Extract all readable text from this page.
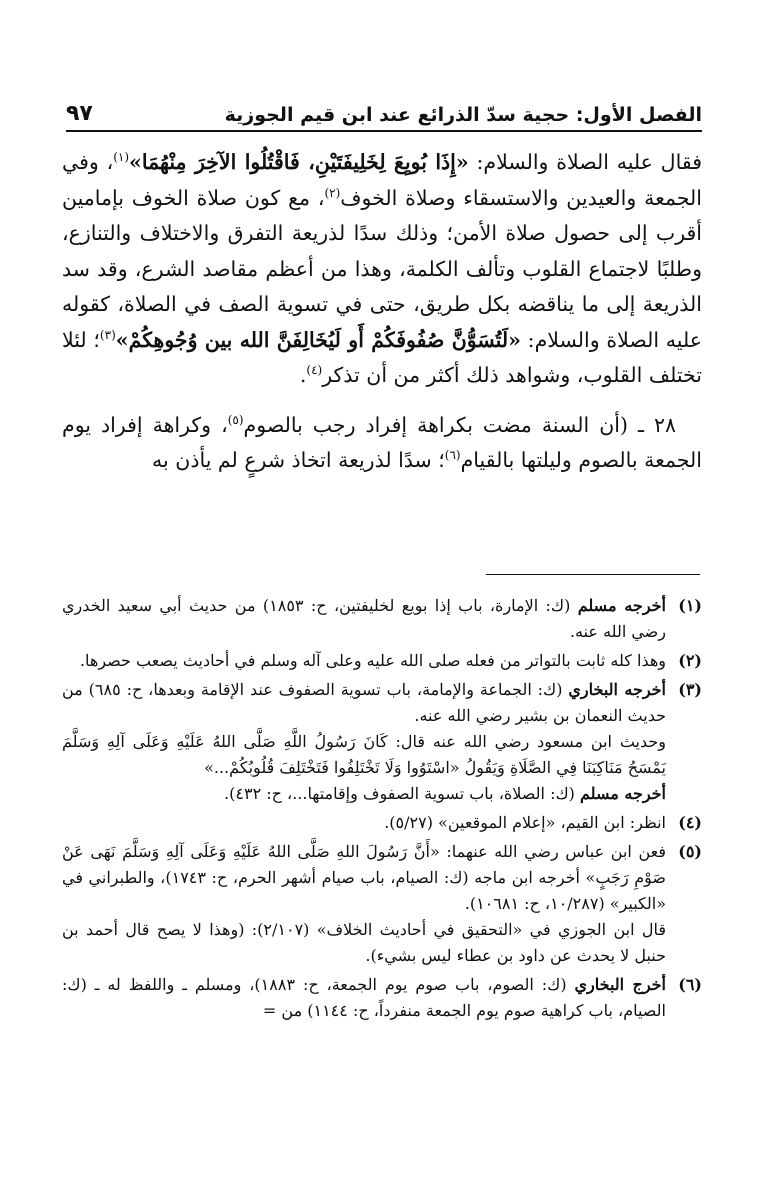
الفصل الأول: حجية سدّ الذرائع عند ابن قيم الجوزية
٩٧

فقال عليه الصلاة والسلام: «إِذَا بُويِعَ لِخَلِيفَتَيْنِ، فَاقْتُلُوا الآخِرَ مِنْهُمَا»$^{(١)}$، وفي الجمعة والعيدين والاستسقاء وصلاة الخوف$^{(٢)}$، مع كون صلاة الخوف بإمامين أقرب إلى حصول صلاة الأمن؛ وذلك سدًا لذريعة التفرق والاختلاف والتنازع، وطلبًا لاجتماع القلوب وتألف الكلمة، وهذا من أعظم مقاصد الشرع، وقد سد الذريعة إلى ما يناقضه بكل طريق، حتى في تسوية الصف في الصلاة، كقوله عليه الصلاة والسلام: «لَتُسَوُّنَّ صُفُوفَكُمْ أَو لَيُخَالِفَنَّ الله بين وُجُوهِكُمْ»$^{(٣)}$؛ لئلا تختلف القلوب، وشواهد ذلك أكثر من أن تذكر$^{(٤)}$.

٢٨ ـ (أن السنة مضت بكراهة إفراد رجب بالصوم$^{(٥)}$، وكراهة إفراد يوم الجمعة بالصوم وليلتها بالقيام$^{(٦)}$؛ سدًا لذريعة اتخاذ شرعٍ لم يأذن به

(١)

أخرجه مسلم (ك: الإمارة، باب إذا بويع لخليفتين، ح: ١٨٥٣) من حديث أبي سعيد الخدري رضي الله عنه.

(٢)

وهذا كله ثابت بالتواتر من فعله صلى الله عليه وعلى آله وسلم في أحاديث يصعب حصرها.

(٣)

أخرجه البخاري (ك: الجماعة والإمامة، باب تسوية الصفوف عند الإقامة وبعدها، ح: ٦٨٥) من حديث النعمان بن بشير رضي الله عنه.

وحديث ابن مسعود رضي الله عنه قال: كَانَ رَسُولُ اللَّهِ صَلَّى اللهُ عَلَيْهِ وَعَلَى آلِهِ وَسَلَّمَ يَمْسَحُ مَنَاكِبَنَا فِي الصَّلَاةِ وَيَقُولُ «اسْتَوُوا وَلَا تَخْتَلِفُوا فَتَخْتَلِفَ قُلُوبُكُمْ...»

أخرجه مسلم (ك: الصلاة، باب تسوية الصفوف وإقامتها...، ح: ٤٣٢).

(٤)

انظر: ابن القيم، «إعلام الموقعين» (٥/٢٧).

(٥)

فعن ابن عباس رضي الله عنهما: «أَنَّ رَسُولَ اللهِ صَلَّى اللهُ عَلَيْهِ وَعَلَى آلِهِ وَسَلَّمَ نَهَى عَنْ صَوْمِ رَجَبٍ» أخرجه ابن ماجه (ك: الصيام، باب صيام أشهر الحرم، ح: ١٧٤٣)، والطبراني في «الكبير» (١٠/٢٨٧، ح: ١٠٦٨١).

قال ابن الجوزي في «التحقيق في أحاديث الخلاف» (٢/١٠٧): (وهذا لا يصح قال أحمد بن حنبل لا يحدث عن داود بن عطاء ليس بشيء).

(٦)

أخرج البخاري (ك: الصوم، باب صوم يوم الجمعة، ح: ١٨٨٣)، ومسلم ـ واللفظ له ـ (ك: الصيام، باب كراهية صوم يوم الجمعة منفرداً، ح: ١١٤٤) من =
